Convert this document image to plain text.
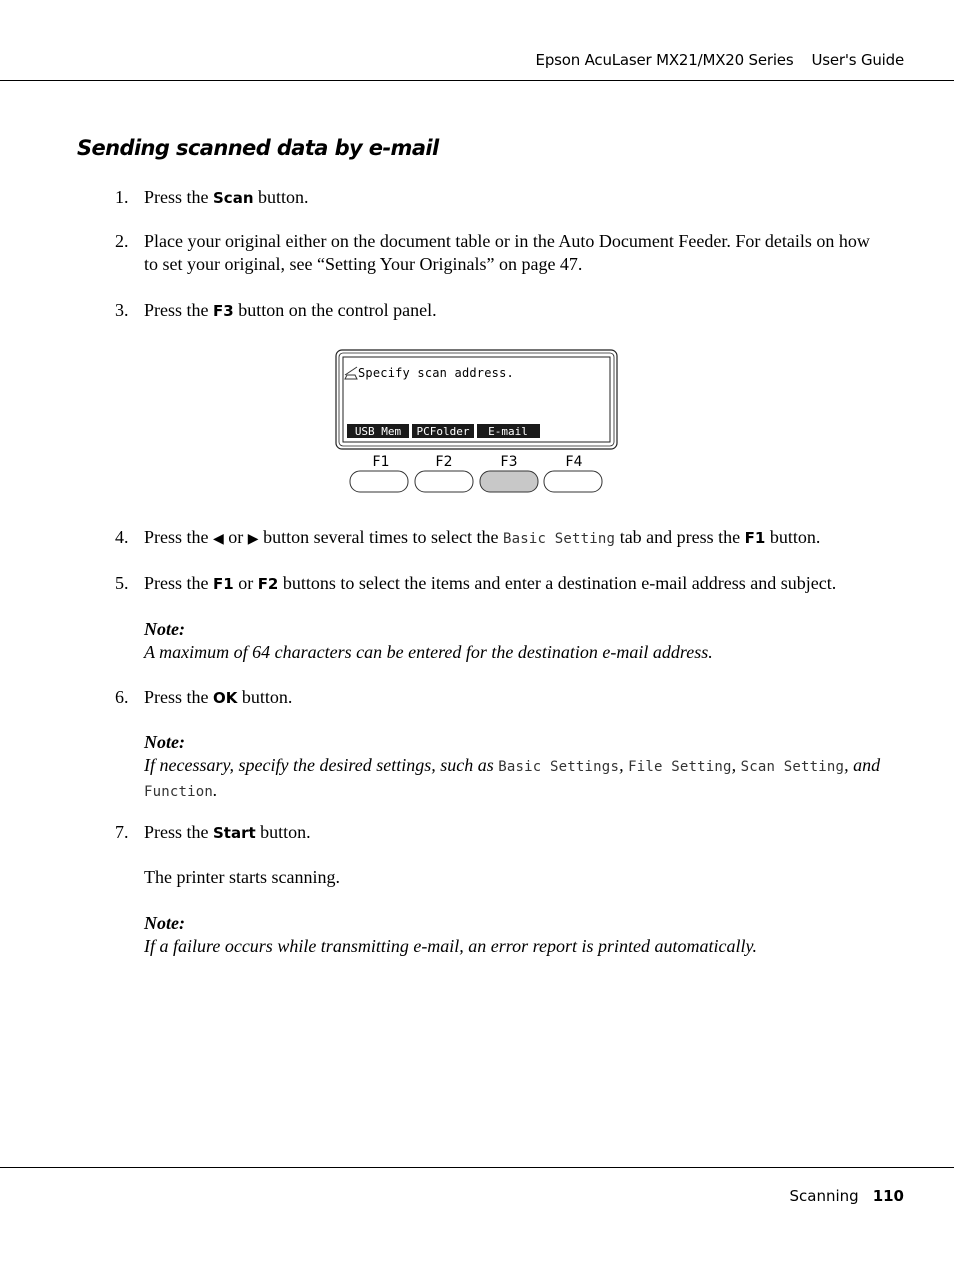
Epson AcuLaser MX21/MX20 Series User's Guide
Sending scanned data by e-mail
1. Press the Scan button.
2. Place your original either on the document table or in the Auto Document Feeder. For details on how to set your original, see “Setting Your Originals” on page 47.
3. Press the F3 button on the control panel.
Specify scan address.
USB Mem PCFolder E-mail
F1	F2	F3	F4
4. Press the ◀ or ▶ button several times to select the Basic Setting tab and press the F1 button.
5. Press the F1 or F2 buttons to select the items and enter a destination e-mail address and subject.
Note:
A maximum of 64 characters can be entered for the destination e-mail address.
6. Press the OK button.
Note:
If necessary, specify the desired settings, such as Basic Settings, File Setting, Scan Setting, and Function.
7. Press the Start button.
The printer starts scanning.
Note:
If a failure occurs while transmitting e-mail, an error report is printed automatically.
Scanning 110
